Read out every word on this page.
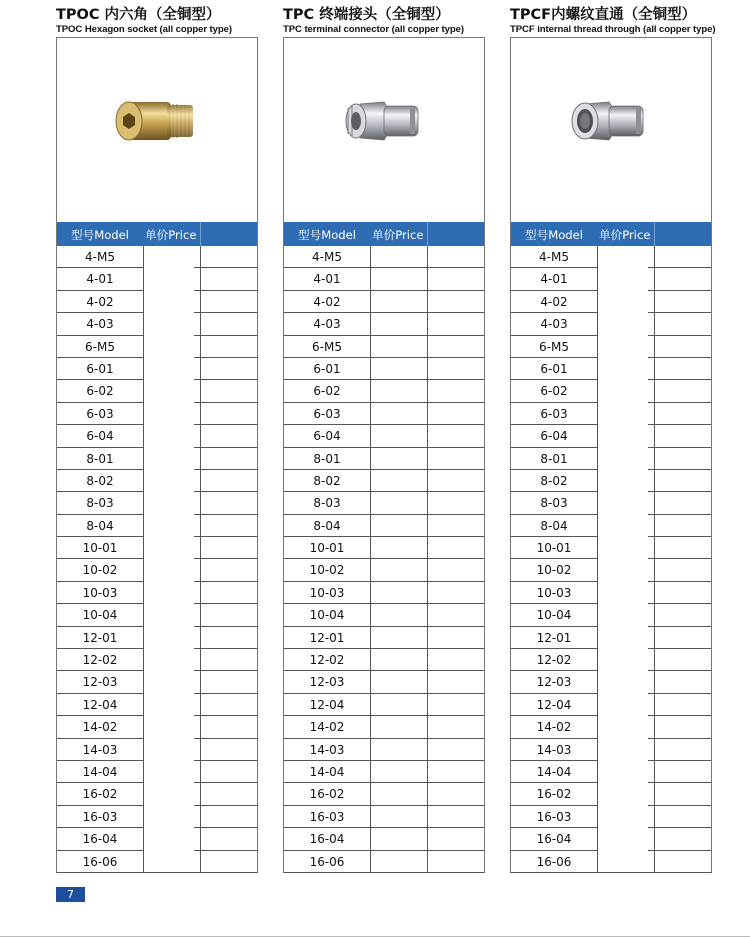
TPOC 内六角（全铜型）
TPOC Hexagon socket (all copper type)
型号Model 单价Price
4-M5
4-01
4-02
4-03
6-M5
6-01
6-02
6-03
6-04
8-01
8-02
8-03
8-04
10-01
10-02
10-03
10-04
12-01
12-02
12-03
12-04
14-02
14-03
14-04
16-02
16-03
16-04
16-06
TPC 终端接头（全铜型）
TPC terminal connector (all copper type)
型号Model 单价Price
4-M5
4-01
4-02
4-03
6-M5
6-01
6-02
6-03
6-04
8-01
8-02
8-03
8-04
10-01
10-02
10-03
10-04
12-01
12-02
12-03
12-04
14-02
14-03
14-04
16-02
16-03
16-04
16-06
TPCF内螺纹直通（全铜型）
TPCF internal thread through (all copper type)
型号Model 单价Price
4-M5
4-01
4-02
4-03
6-M5
6-01
6-02
6-03
6-04
8-01
8-02
8-03
8-04
10-01
10-02
10-03
10-04
12-01
12-02
12-03
12-04
14-02
14-03
14-04
16-02
16-03
16-04
16-06
7
